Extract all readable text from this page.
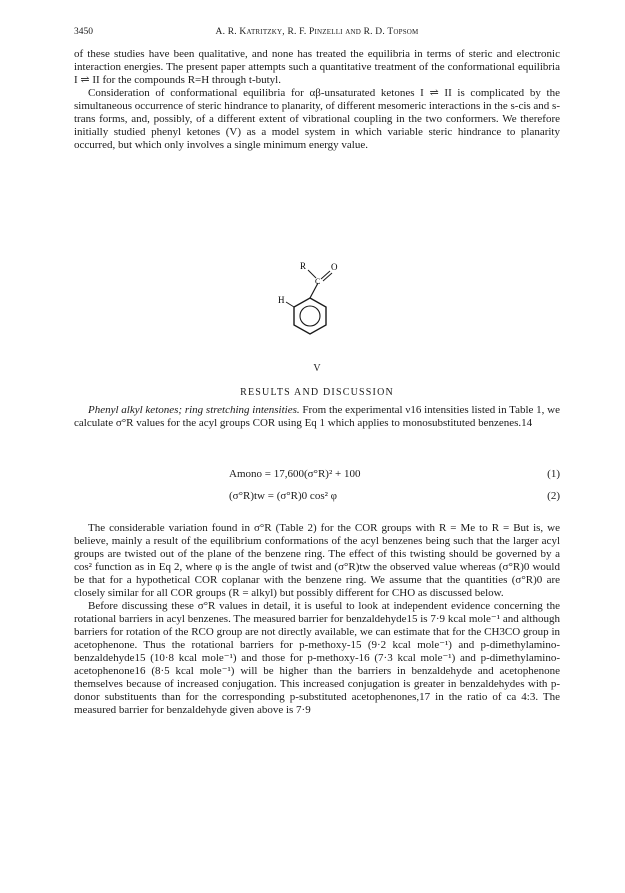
3450	A. R. Katritzky, R. F. Pinzelli and R. D. Topsom

of these studies have been qualitative, and none has treated the equilibria in terms of steric and electronic interaction energies. The present paper attempts such a quantitative treatment of the conformational equilibria I ⇌ II for the compounds R=H through t-butyl.

Consideration of conformational equilibria for αβ-unsaturated ketones I ⇌ II is complicated by the simultaneous occurrence of steric hindrance to planarity, of different mesomeric interactions in the s-cis and s-trans forms, and, possibly, of a different extent of vibrational coupling in the two conformers. We therefore initially studied phenyl ketones (V) as a model system in which variable steric hindrance to planarity occurred, but which only involves a single minimum energy value.

R
C
O
H
V
RESULTS AND DISCUSSION

Phenyl alkyl ketones; ring stretching intensities. From the experimental ν16 intensities listed in Table 1, we calculate σ°R values for the acyl groups COR using Eq 1 which applies to monosubstituted benzenes.14

Amono = 17,600(σ°R)² + 100	(1)
(σ°R)tw = (σ°R)0 cos² φ	(2)

The considerable variation found in σ°R (Table 2) for the COR groups with R = Me to R = But is, we believe, mainly a result of the equilibrium conformations of the acyl benzenes being such that the larger acyl groups are twisted out of the plane of the benzene ring. The effect of this twisting should be governed by a cos² function as in Eq 2, where φ is the angle of twist and (σ°R)tw the observed value whereas (σ°R)0 would be that for a hypothetical COR coplanar with the benzene ring. We assume that the quantities (σ°R)0 are closely similar for all COR groups (R = alkyl) but possibly different for CHO as discussed below.

Before discussing these σ°R values in detail, it is useful to look at independent evidence concerning the rotational barriers in acyl benzenes. The measured barrier for benzaldehyde15 is 7·9 kcal mole⁻¹ and although barriers for rotation of the RCO group are not directly available, we can estimate that for the CH3CO group in acetophenone. Thus the rotational barriers for p-methoxy-15 (9·2 kcal mole⁻¹) and p-dimethylamino-benzaldehyde15 (10·8 kcal mole⁻¹) and those for p-methoxy-16 (7·3 kcal mole⁻¹) and p-dimethylamino-acetophenone16 (8·5 kcal mole⁻¹) will be higher than the barriers in benzaldehyde and acetophenone themselves because of increased conjugation. This increased conjugation is greater in benzaldehydes with p-donor substituents than for the corresponding p-substituted acetophenones,17 in the ratio of ca 4:3. The measured barrier for benzaldehyde given above is 7·9
